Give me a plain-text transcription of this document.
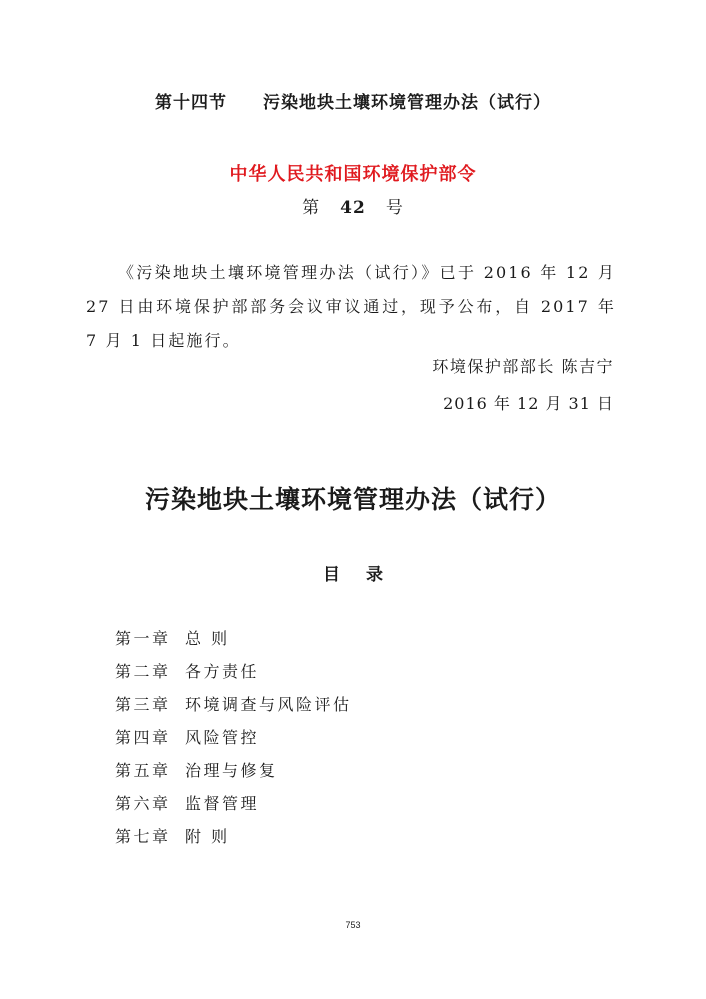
第十四节 污染地块土壤环境管理办法（试行）
中华人民共和国环境保护部令
第 42 号
《污染地块土壤环境管理办法（试行）》已于 2016 年 12 月 27 日由环境保护部部务会议审议通过，现予公布，自 2017 年 7 月 1 日起施行。
环境保护部部长 陈吉宁
2016 年 12 月 31 日
污染地块土壤环境管理办法（试行）
目 录
第一章 总 则
第二章 各方责任
第三章 环境调查与风险评估
第四章 风险管控
第五章 治理与修复
第六章 监督管理
第七章 附 则
753
